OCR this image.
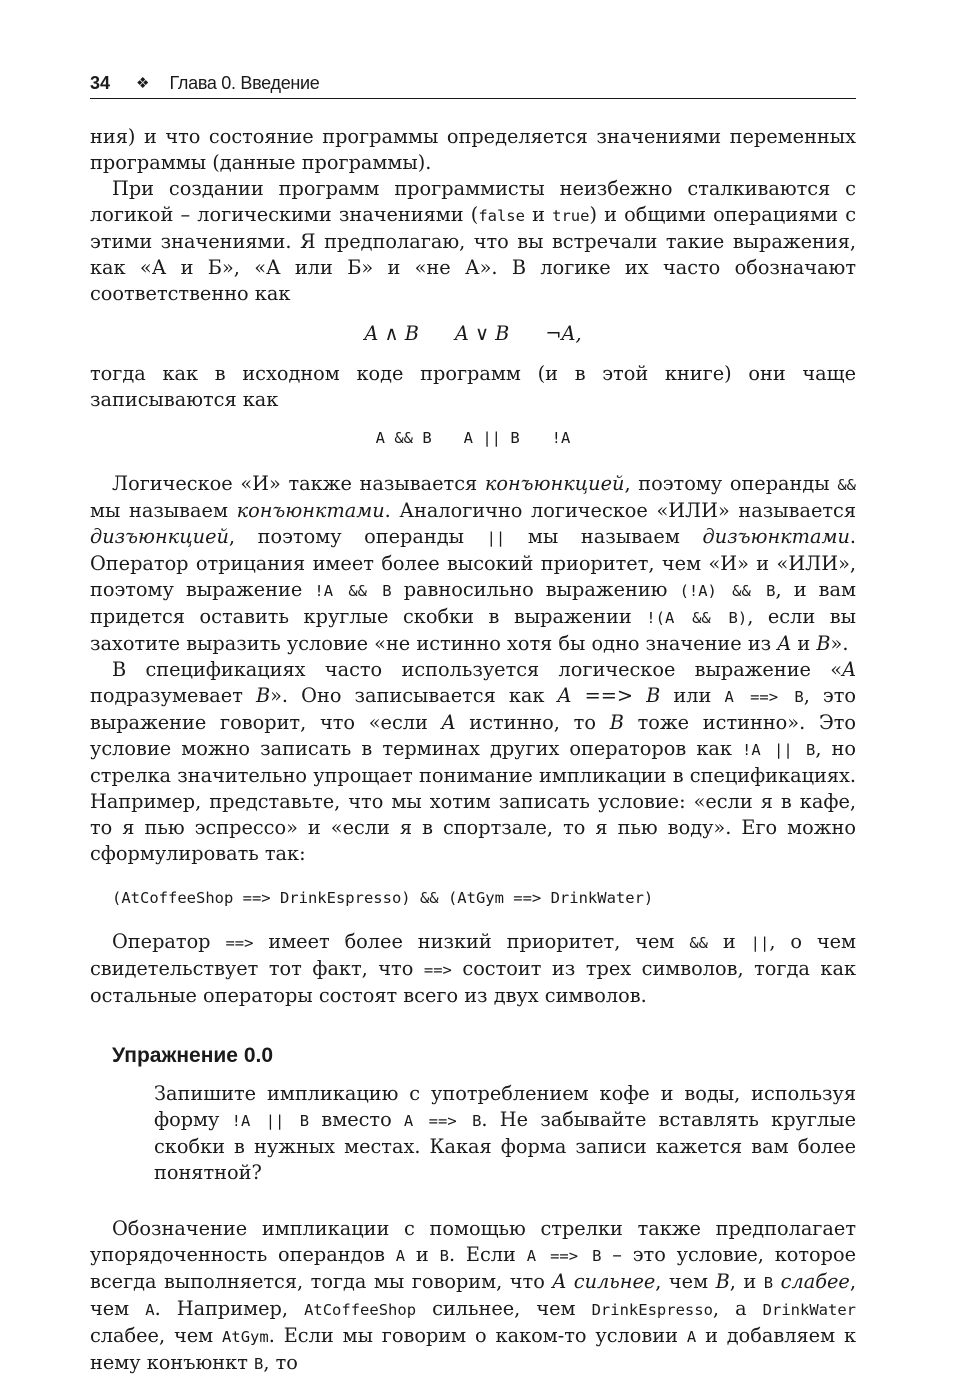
34 ❖ Глава 0. Введение

ния) и что состояние программы определяется значениями переменных программы (данные программы).

При создании программ программисты неизбежно сталкиваются с логикой – логическими значениями (false и true) и общими операциями с этими значениями. Я предполагаю, что вы встречали такие выражения, как «А и Б», «А или Б» и «не А». В логике их часто обозначают соответственно как

A ∧ B A ∨ B ¬A,

тогда как в исходном коде программ (и в этой книге) они чаще записываются как

A && B A || B !A

Логическое «И» также называется конъюнкцией, поэтому операнды && мы называем конъюнктами. Аналогично логическое «ИЛИ» называется дизъюнкцией, поэтому операнды || мы называем дизъюнктами. Оператор отрицания имеет более высокий приоритет, чем «И» и «ИЛИ», поэтому выражение !A && B равносильно выражению (!A) && B, и вам придется оставить круглые скобки в выражении !(A && B), если вы захотите выразить условие «не истинно хотя бы одно значение из A и B».

В спецификациях часто используется логическое выражение «A подразумевает B». Оно записывается как A ==> B или A ==> B, это выражение говорит, что «если A истинно, то B тоже истинно». Это условие можно записать в терминах других операторов как !A || B, но стрелка значительно упрощает понимание импликации в спецификациях. Например, представьте, что мы хотим записать условие: «если я в кафе, то я пью эспрессо» и «если я в спортзале, то я пью воду». Его можно сформулировать так:

(AtCoffeeShop ==> DrinkEspresso) && (AtGym ==> DrinkWater)

Оператор ==> имеет более низкий приоритет, чем && и ||, о чем свидетельствует тот факт, что ==> состоит из трех символов, тогда как остальные операторы состоят всего из двух символов.

Упражнение 0.0

Запишите импликацию с употреблением кофе и воды, используя форму !A || B вместо A ==> B. Не забывайте вставлять круглые скобки в нужных местах. Какая форма записи кажется вам более понятной?

Обозначение импликации с помощью стрелки также предполагает упорядоченность операндов A и B. Если A ==> B – это условие, которое всегда выполняется, тогда мы говорим, что A сильнее, чем B, и B слабее, чем A. Например, AtCoffeeShop сильнее, чем DrinkEspresso, а DrinkWater слабее, чем AtGym. Если мы говорим о каком-то условии A и добавляем к нему конъюнкт B, то
